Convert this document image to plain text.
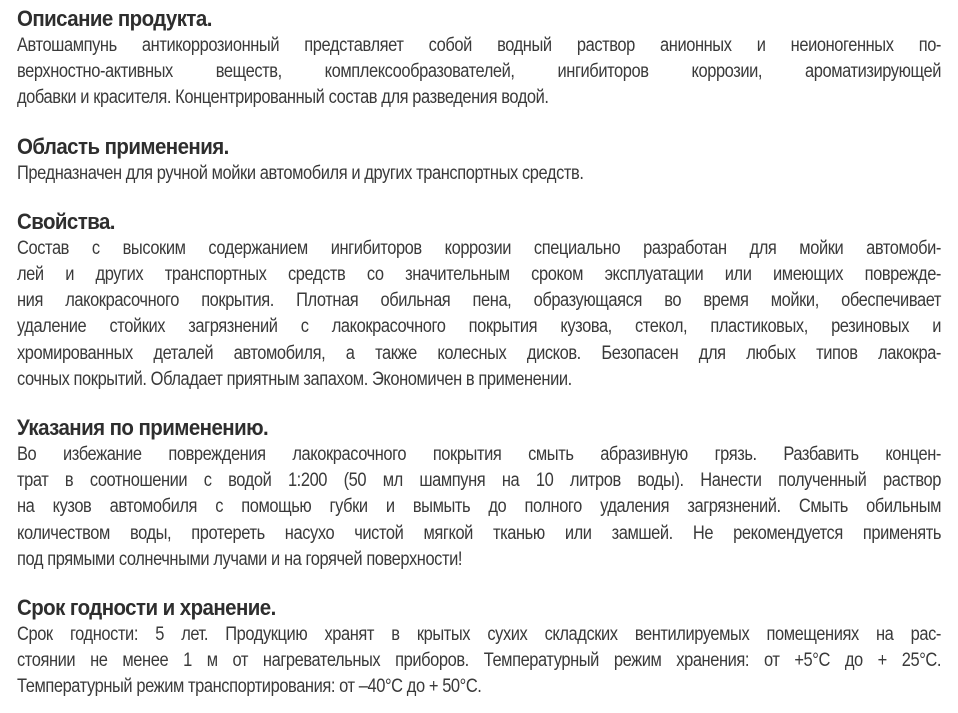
Описание продукта.
Автошампунь антикоррозионный представляет собой водный раствор анионных и неионогенных по-
верхностно-активных веществ, комплексообразователей, ингибиторов коррозии, ароматизирующей
добавки и красителя. Концентрированный состав для разведения водой.
Область применения.
Предназначен для ручной мойки автомобиля и других транспортных средств.
Свойства.
Состав с высоким содержанием ингибиторов коррозии специально разработан для мойки автомоби-
лей и других транспортных средств со значительным сроком эксплуатации или имеющих поврежде-
ния лакокрасочного покрытия. Плотная обильная пена, образующаяся во время мойки, обеспечивает
удаление стойких загрязнений с лакокрасочного покрытия кузова, стекол, пластиковых, резиновых и
хромированных деталей автомобиля, а также колесных дисков. Безопасен для любых типов лакокра-
сочных покрытий. Обладает приятным запахом. Экономичен в применении.
Указания по применению.
Во избежание повреждения лакокрасочного покрытия смыть абразивную грязь. Разбавить концен-
трат в соотношении с водой 1:200 (50 мл шампуня на 10 литров воды). Нанести полученный раствор
на кузов автомобиля с помощью губки и вымыть до полного удаления загрязнений. Смыть обильным
количеством воды, протереть насухо чистой мягкой тканью или замшей. Не рекомендуется применять
под прямыми солнечными лучами и на горячей поверхности!
Срок годности и хранение.
Срок годности: 5 лет. Продукцию хранят в крытых сухих складских вентилируемых помещениях на рас-
стоянии не менее 1 м от нагревательных приборов. Температурный режим хранения: от +5°C до + 25°C.
Температурный режим транспортирования: от –40°C до + 50°C.
